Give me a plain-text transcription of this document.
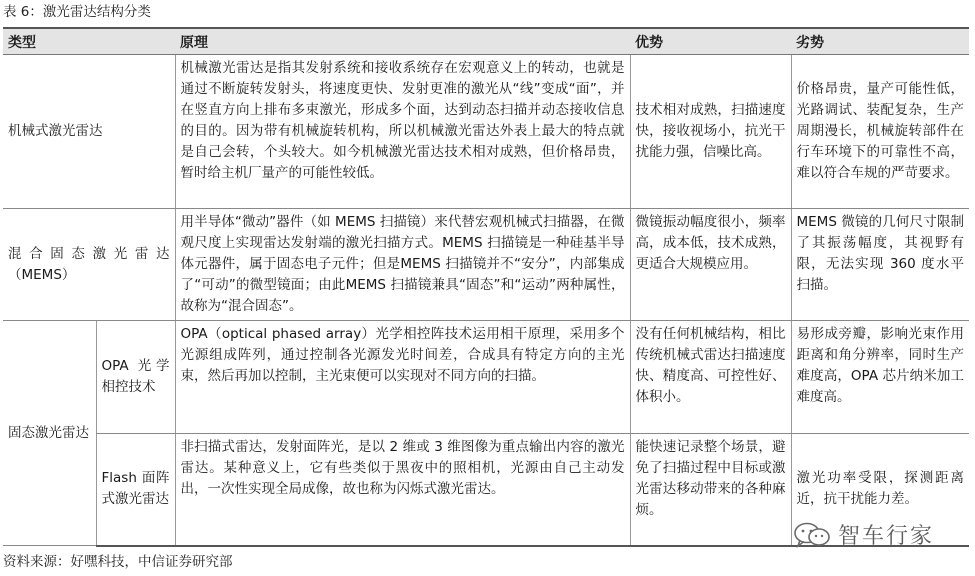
表 6：激光雷达结构分类
类型		原理	优势	劣势
机械式激光雷达		机械激光雷达是指其发射系统和接收系统存在宏观意义上的转动，也就是通过不断旋转发射头，将速度更快、发射更准的激光从“线”变成“面”，并在竖直方向上排布多束激光，形成多个面，达到动态扫描并动态接收信息的目的。因为带有机械旋转机构，所以机械激光雷达外表上最大的特点就是自己会转，个头较大。如今机械激光雷达技术相对成熟，但价格昂贵，暂时给主机厂量产的可能性较低。	技术相对成熟，扫描速度快，接收视场小，抗光干扰能力强，信噪比高。	价格昂贵，量产可能性低，光路调试、装配复杂，生产周期漫长，机械旋转部件在行车环境下的可靠性不高，难以符合车规的严苛要求。
混合固态激光雷达（MEMS）		用半导体“微动”器件（如 MEMS 扫描镜）来代替宏观机械式扫描器，在微观尺度上实现雷达发射端的激光扫描方式。MEMS 扫描镜是一种硅基半导体元器件，属于固态电子元件；但是MEMS 扫描镜并不“安分”，内部集成了“可动”的微型镜面；由此MEMS 扫描镜兼具“固态”和“运动”两种属性，故称为“混合固态”。	微镜振动幅度很小，频率高，成本低，技术成熟，更适合大规模应用。	MEMS 微镜的几何尺寸限制了其振荡幅度，其视野有限，无法实现 360 度水平扫描。
固态激光雷达	OPA 光学相控技术	OPA（optical phased array）光学相控阵技术运用相干原理，采用多个光源组成阵列，通过控制各光源发光时间差，合成具有特定方向的主光束，然后再加以控制，主光束便可以实现对不同方向的扫描。	没有任何机械结构，相比传统机械式雷达扫描速度快、精度高、可控性好、体积小。	易形成旁瓣，影响光束作用距离和角分辨率，同时生产难度高，OPA 芯片纳米加工难度高。
	Flash 面阵式激光雷达	非扫描式雷达，发射面阵光，是以 2 维或 3 维图像为重点输出内容的激光雷达。某种意义上，它有些类似于黑夜中的照相机，光源由自己主动发出，一次性实现全局成像，故也称为闪烁式激光雷达。	能快速记录整个场景，避免了扫描过程中目标或激光雷达移动带来的各种麻烦。	激光功率受限，探测距离近，抗干扰能力差。
资料来源：好嘿科技，中信证券研究部
智车行家
